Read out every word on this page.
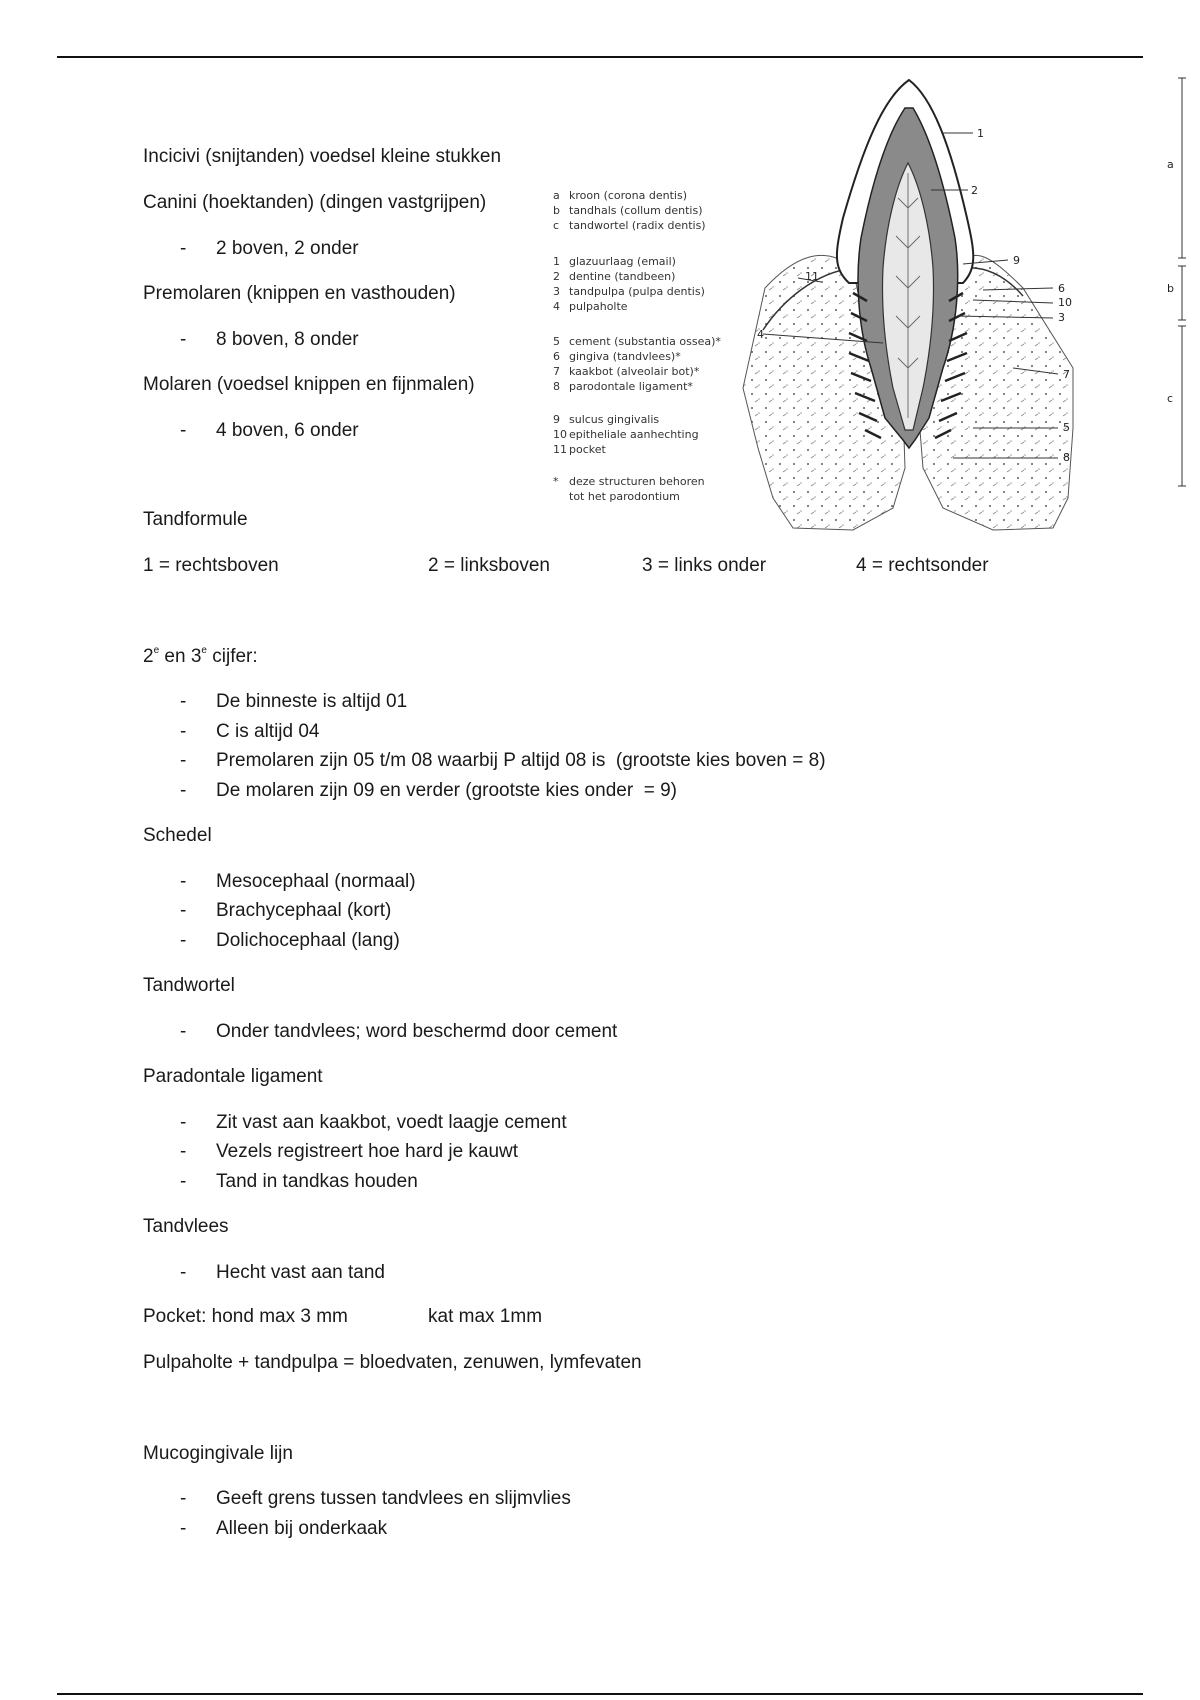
Incicivi (snijtanden) voedsel kleine stukken
Canini (hoektanden) (dingen vastgrijpen)
- 2 boven, 2 onder
Premolaren (knippen en vasthouden)
- 8 boven, 8 onder
Molaren (voedsel knippen en fijnmalen)
- 4 boven, 6 onder
a kroon (corona dentis)
b tandhals (collum dentis)
c tandwortel (radix dentis)
1 glazuurlaag (email)
2 dentine (tandbeen)
3 tandpulpa (pulpa dentis)
4 pulpaholte
5 cement (substantia ossea)*
6 gingiva (tandvlees)*
7 kaakbot (alveolair bot)*
8 parodontale ligament*
9 sulcus gingivalis
10 epitheliale aanhechting
11 pocket
* deze structuren behoren
tot het parodontium
1
2
9
11
6
10
3
4
7
5
8
a
b
c
Tandformule
1 = rechtsboven	2 = linksboven	3 = links onder	4 = rechtsonder
2e en 3e cijfer:
- De binneste is altijd 01
- C is altijd 04
- Premolaren zijn 05 t/m 08 waarbij P altijd 08 is  (grootste kies boven = 8)
- De molaren zijn 09 en verder (grootste kies onder  = 9)
Schedel
- Mesocephaal (normaal)
- Brachycephaal (kort)
- Dolichocephaal (lang)
Tandwortel
- Onder tandvlees; word beschermd door cement
Paradontale ligament
- Zit vast aan kaakbot, voedt laagje cement
- Vezels registreert hoe hard je kauwt
- Tand in tandkas houden
Tandvlees
- Hecht vast aan tand
Pocket: hond max 3 mm	kat max 1mm
Pulpaholte + tandpulpa = bloedvaten, zenuwen, lymfevaten
Mucogingivale lijn
- Geeft grens tussen tandvlees en slijmvlies
- Alleen bij onderkaak
